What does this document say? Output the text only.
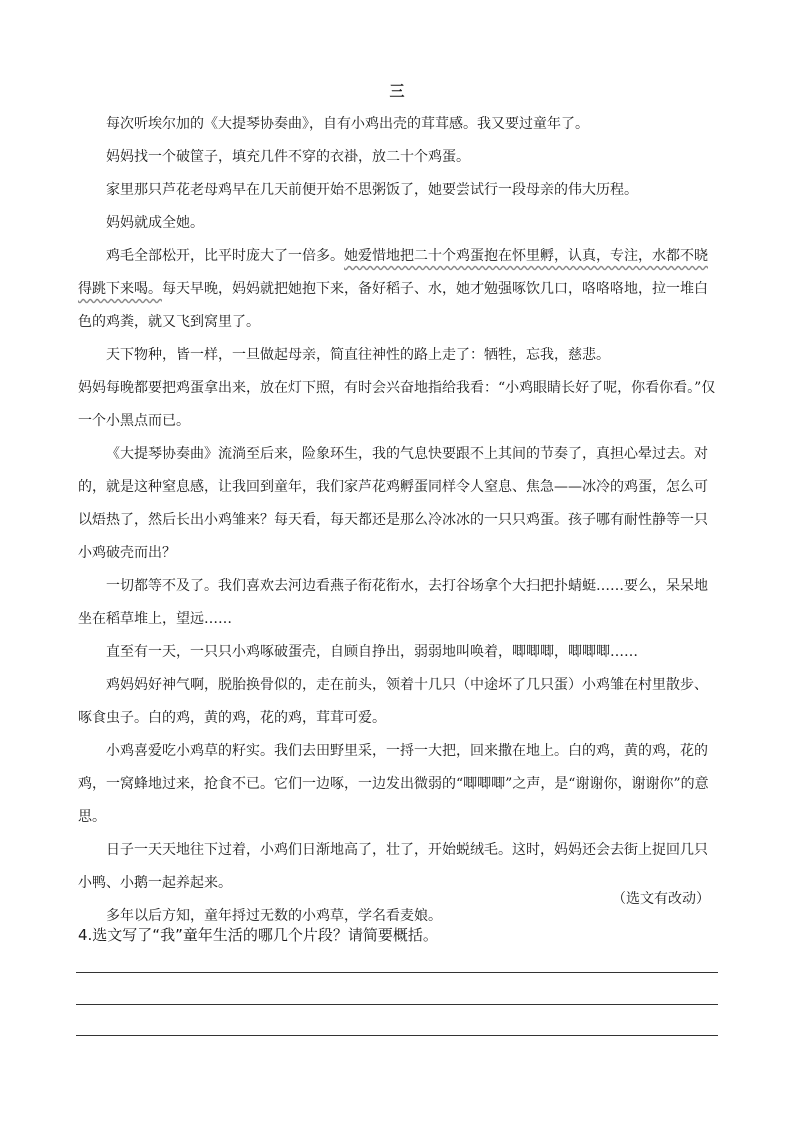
三

每次听埃尔加的《大提琴协奏曲》，自有小鸡出壳的茸茸感。我又要过童年了。

妈妈找一个破筐子，填充几件不穿的衣褂，放二十个鸡蛋。

家里那只芦花老母鸡早在几天前便开始不思粥饭了，她要尝试行一段母亲的伟大历程。

妈妈就成全她。

鸡毛全部松开，比平时庞大了一倍多。她爱惜地把二十个鸡蛋抱在怀里孵，认真，专注，水都不晓得跳下来喝。每天早晚，妈妈就把她抱下来，备好稻子、水，她才勉强啄饮几口，咯咯咯地，拉一堆白色的鸡粪，就又飞到窝里了。

天下物种，皆一样，一旦做起母亲，简直往神性的路上走了：牺牲，忘我，慈悲。

妈妈每晚都要把鸡蛋拿出来，放在灯下照，有时会兴奋地指给我看：“小鸡眼睛长好了呢，你看你看。”仅一个小黑点而已。

《大提琴协奏曲》流淌至后来，险象环生，我的气息快要跟不上其间的节奏了，真担心晕过去。对的，就是这种窒息感，让我回到童年，我们家芦花鸡孵蛋同样令人窒息、焦急——冰冷的鸡蛋，怎么可以焐热了，然后长出小鸡雏来？每天看，每天都还是那么冷冰冰的一只只鸡蛋。孩子哪有耐性静等一只小鸡破壳而出？

一切都等不及了。我们喜欢去河边看燕子衔花衔水，去打谷场拿个大扫把扑蜻蜓……要么，呆呆地坐在稻草堆上，望远……

直至有一天，一只只小鸡啄破蛋壳，自顾自挣出，弱弱地叫唤着，唧唧唧，唧唧唧……

鸡妈妈好神气啊，脱胎换骨似的，走在前头，领着十几只（中途坏了几只蛋）小鸡雏在村里散步、啄食虫子。白的鸡，黄的鸡，花的鸡，茸茸可爱。

小鸡喜爱吃小鸡草的籽实。我们去田野里采，一捋一大把，回来撒在地上。白的鸡，黄的鸡，花的鸡，一窝蜂地过来，抢食不已。它们一边啄，一边发出微弱的“唧唧唧”之声，是“谢谢你，谢谢你”的意思。

日子一天天地往下过着，小鸡们日渐地高了，壮了，开始蜕绒毛。这时，妈妈还会去街上捉回几只小鸭、小鹅一起养起来。

多年以后方知，童年捋过无数的小鸡草，学名看麦娘。

（选文有改动）
4.选文写了“我”童年生活的哪几个片段？请简要概括。
